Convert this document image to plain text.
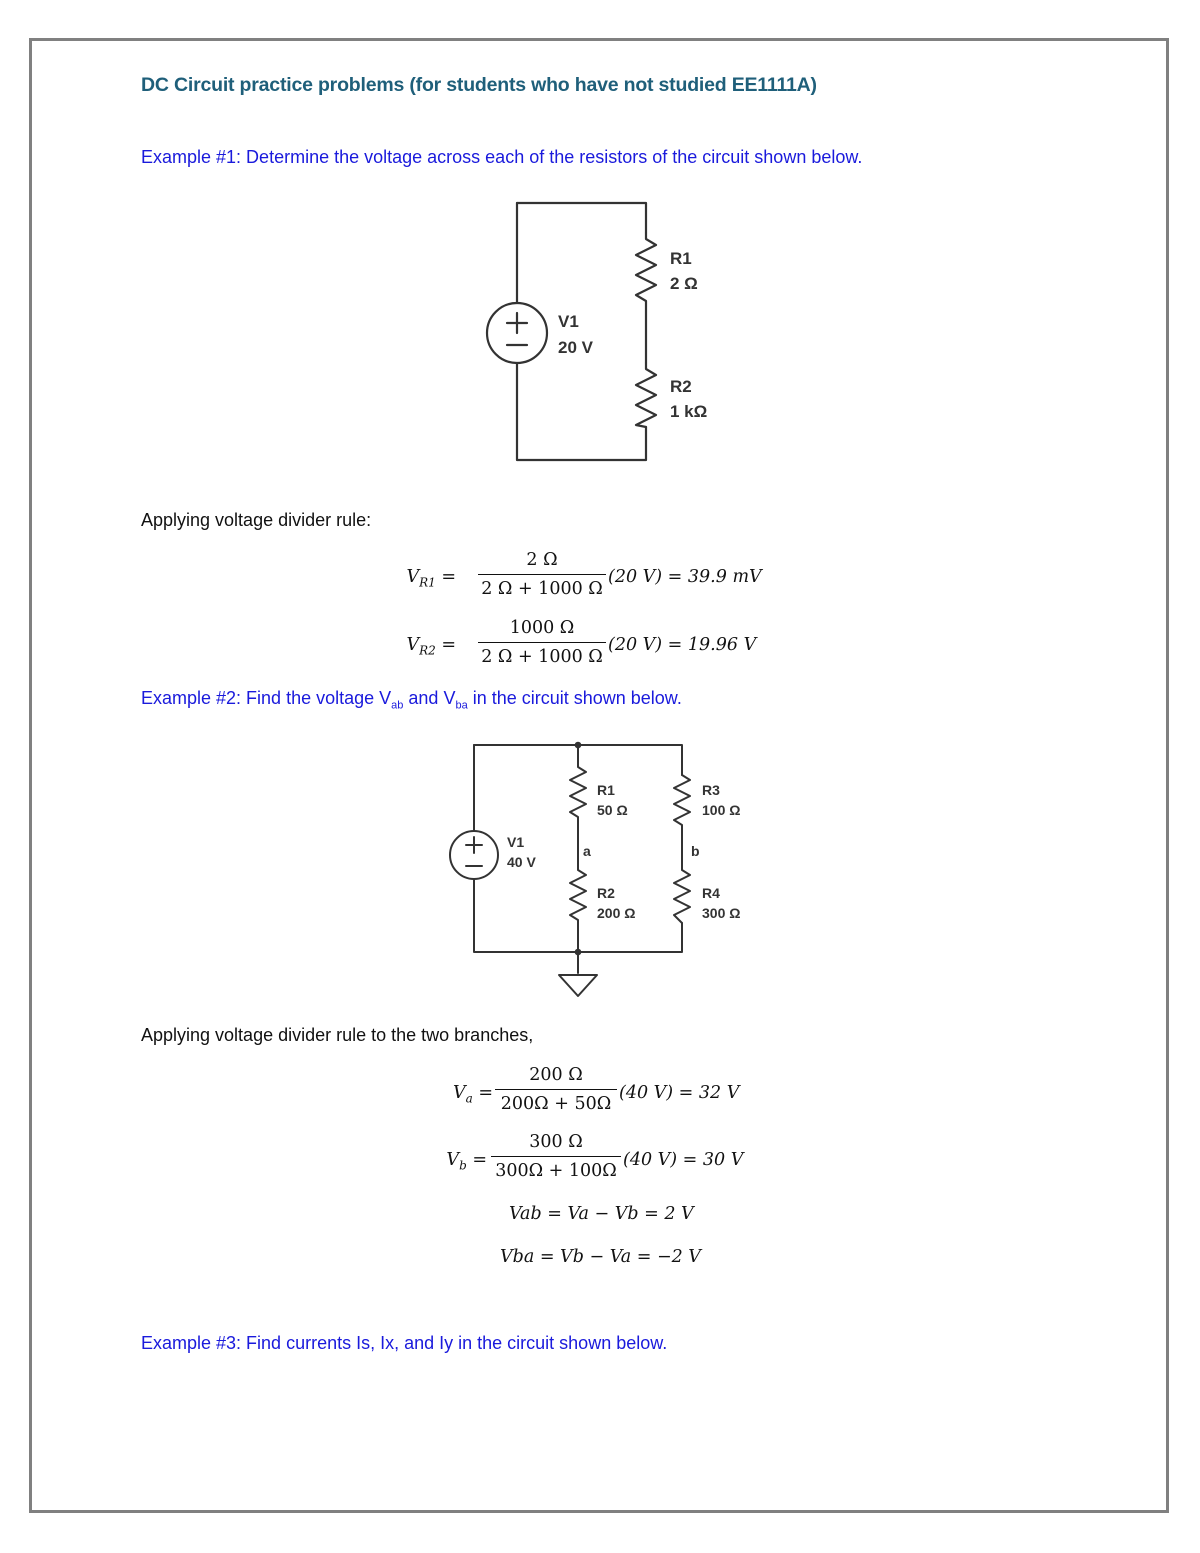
DC Circuit practice problems (for students who have not studied EE1111A)
Example #1: Determine the voltage across each of the resistors of the circuit shown below.
R1
2 Ω
V1
20 V
R2
1 kΩ
Applying voltage divider rule:
$V_{R1} = \frac{2 \Omega}{2 \Omega + 1000 \Omega} (20$ V) = 39.9 mV
$V_{R2} = \frac{1000 \Omega}{2 \Omega + 1000 \Omega} (20$ V) = 19.96 V
Example #2: Find the voltage $V_{ab}$ and $V_{ba}$ in the circuit shown below.
R1
50 Ω
R3
100 Ω
V1
40 V
a	b
R2
200 Ω
R4
300 Ω
Applying voltage divider rule to the two branches,
$V_a = \frac{200 \Omega}{200\Omega + 50\Omega} (40$ V) = 32 V
$V_b = \frac{300 \Omega}{300\Omega + 100\Omega} (40$ V) = 30 V
Vab = Va − Vb = 2 V
Vba = Vb − Va = −2 V
Example #3: Find currents Is, Ix, and Iy in the circuit shown below.
